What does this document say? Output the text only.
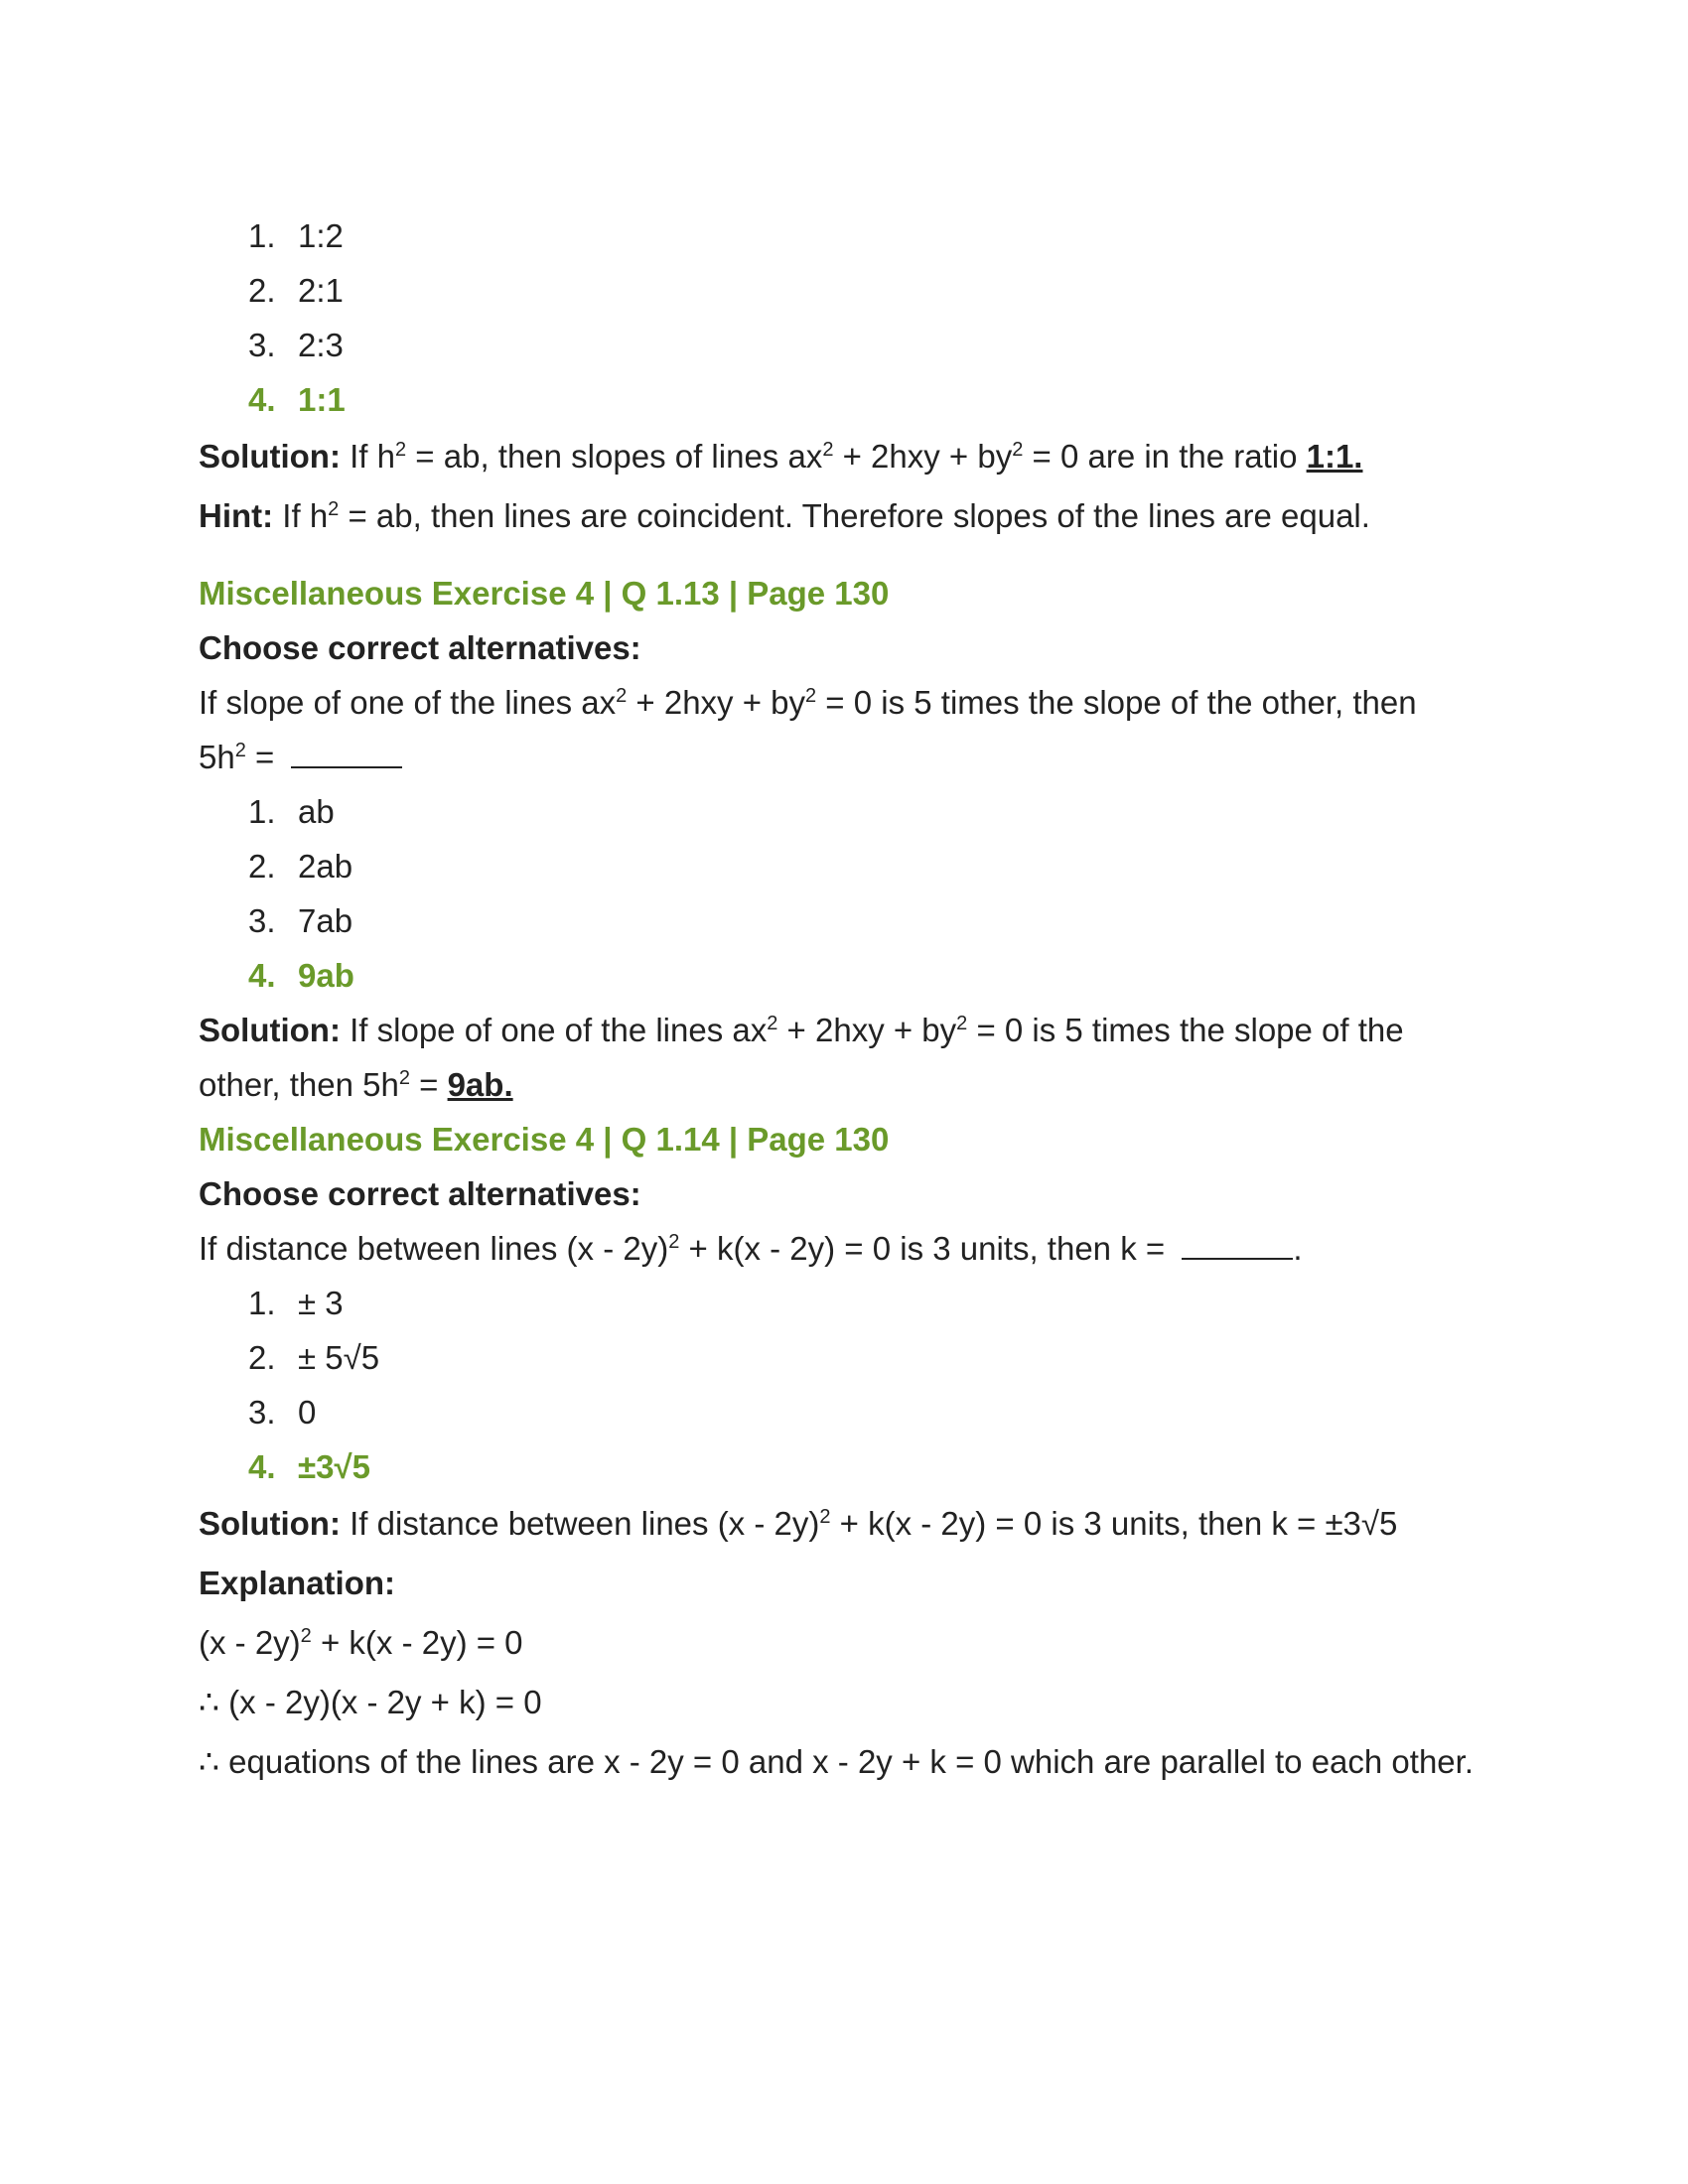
1. 1:2
2. 2:1
3. 2:3
4. 1:1
Solution: If $h^2$ = ab, then slopes of lines $ax^2 + 2hxy + by^2 = 0$ are in the ratio 1:1.
Hint: If $h^2$ = ab, then lines are coincident. Therefore slopes of the lines are equal.
Miscellaneous Exercise 4 | Q 1.13 | Page 130
Choose correct alternatives:
If slope of one of the lines $ax^2 + 2hxy + by^2 = 0$ is 5 times the slope of the other, then
$5h^2$ =
1. ab
2. 2ab
3. 7ab
4. 9ab
Solution: If slope of one of the lines $ax^2 + 2hxy + by^2 = 0$ is 5 times the slope of the
other, then $5h^2 = 9ab$.
Miscellaneous Exercise 4 | Q 1.14 | Page 130
Choose correct alternatives:
If distance between lines (x - 2y)$^2$ + k(x - 2y) = 0 is 3 units, then k =	.
1. ± 3
2. ± 5√5
3. 0
4. ±3√5
Solution: If distance between lines (x - 2y)$^2$ + k(x - 2y) = 0 is 3 units, then k = ±3√5
Explanation:
(x - 2y)$^2$ + k(x - 2y) = 0
∴ (x - 2y)(x - 2y + k) = 0
∴ equations of the lines are x - 2y = 0 and x - 2y + k = 0 which are parallel to each other.
